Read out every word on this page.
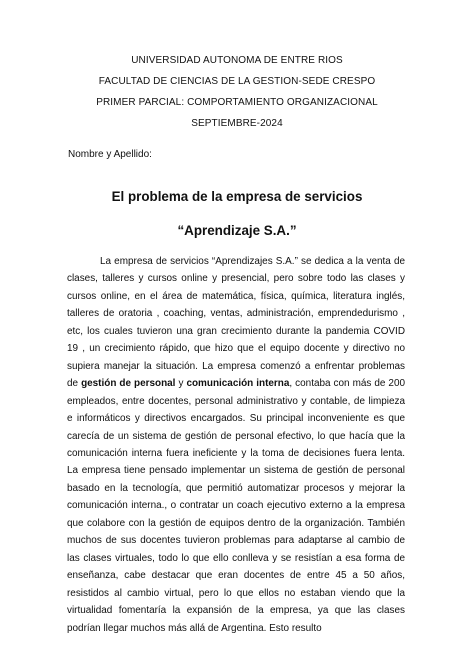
UNIVERSIDAD AUTONOMA DE ENTRE RIOS
FACULTAD DE CIENCIAS DE LA GESTION-SEDE CRESPO
PRIMER PARCIAL: COMPORTAMIENTO ORGANIZACIONAL
SEPTIEMBRE-2024
Nombre y Apellido:
El problema de la empresa de servicios
“Aprendizaje S.A.”

La empresa de servicios “Aprendizajes S.A.” se dedica a la venta de clases, talleres y cursos online y presencial, pero sobre todo las clases y cursos online, en el área de matemática, física, química, literatura inglés, talleres de oratoria , coaching, ventas, administración, emprendedurismo , etc, los cuales tuvieron una gran crecimiento durante la pandemia COVID 19 , un crecimiento rápido, que hizo que el equipo docente y directivo no supiera manejar la situación. La empresa comenzó a enfrentar problemas de gestión de personal y comunicación interna, contaba con más de 200 empleados, entre docentes, personal administrativo y contable, de limpieza e informáticos y directivos encargados. Su principal inconveniente es que carecía de un sistema de gestión de personal efectivo, lo que hacía que la comunicación interna fuera ineficiente y la toma de decisiones fuera lenta. La empresa tiene pensado implementar un sistema de gestión de personal basado en la tecnología, que permitió automatizar procesos y mejorar la comunicación interna., o contratar un coach ejecutivo externo a la empresa que colabore con la gestión de equipos dentro de la organización. También muchos de sus docentes tuvieron problemas para adaptarse al cambio de las clases virtuales, todo lo que ello conlleva y se resistían a esa forma de enseñanza, cabe destacar que eran docentes de entre 45 a 50 años, resistidos al cambio virtual, pero lo que ellos no estaban viendo que la virtualidad fomentaría la expansión de la empresa, ya que las clases podrían llegar muchos más allá de Argentina. Esto resulto
